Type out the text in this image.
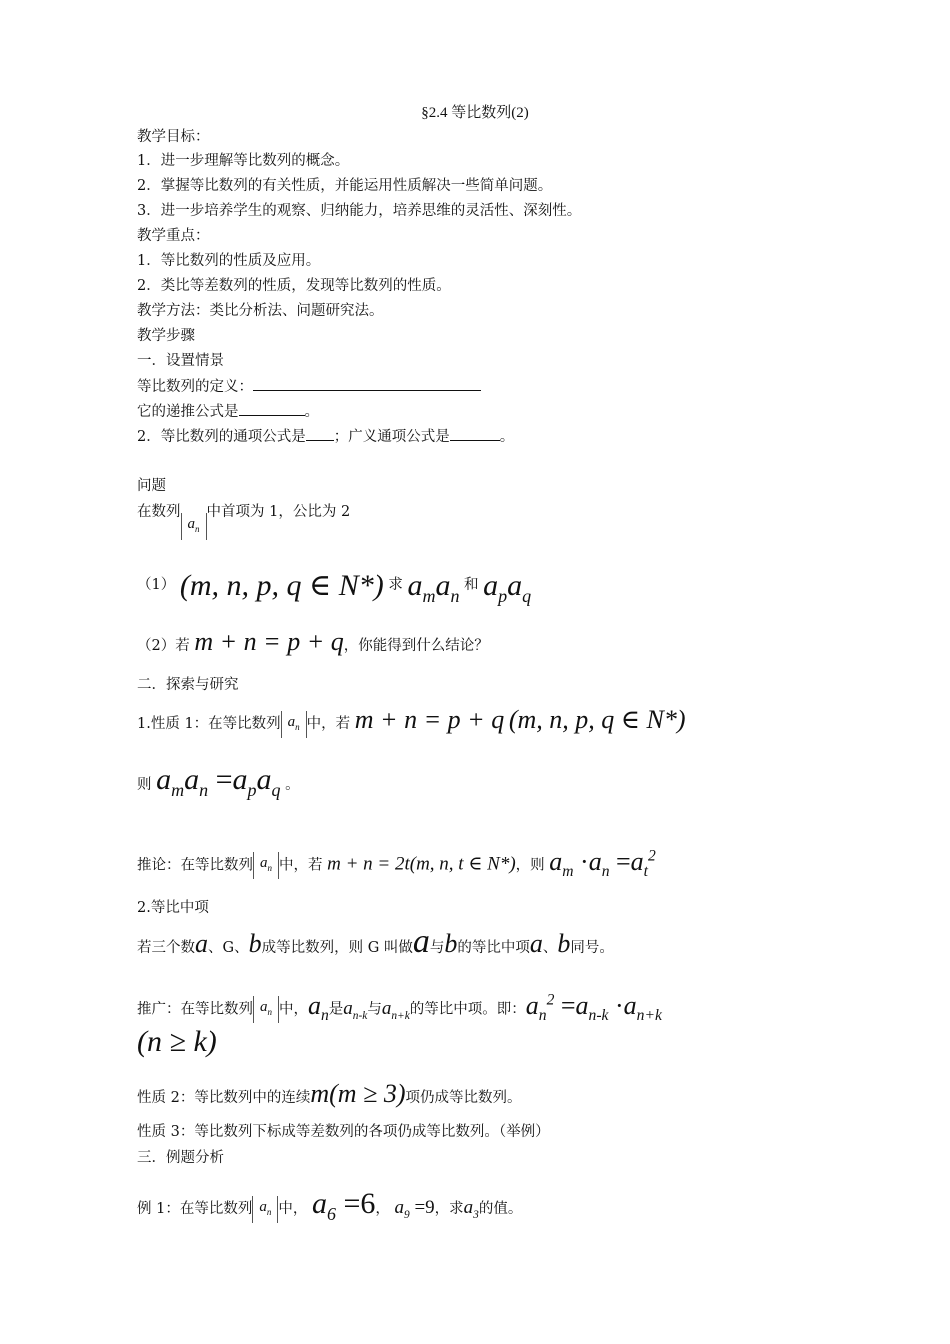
§2.4 等比数列(2)
教学目标：
1．进一步理解等比数列的概念。
2．掌握等比数列的有关性质，并能运用性质解决一些简单问题。
3．进一步培养学生的观察、归纳能力，培养思维的灵活性、深刻性。
教学重点：
1．等比数列的性质及应用。
2．类比等差数列的性质，发现等比数列的性质。
教学方法：类比分析法、问题研究法。
教学步骤
一．设置情景
等比数列的定义：
它的递推公式是	。
2．等比数列的通项公式是 ；广义通项公式是	。
问题
在数列$a_n$中首项为 1，公比为 2
（1） (m, n, p, q ∈ N*) 求 $a_ma_n$ 和 $a_pa_q$
（2）若 m + n = p + q，你能得到什么结论？
二．探索与研究
1.性质 1：在等比数列 $a_n$ 中，若 m + n = p + q (m, n, p, q ∈ N*)
则 $a_ma_n =a_pa_q$ 。
推论：在等比数列 $a_n$ 中，若 m + n = 2t(m, n, t ∈ N*)，则 $a_m \cdot a_n =a_t^2$
2.等比中项
若三个数a、G、b成等比数列，则 G 叫做a与b的等比中项a、b同号。
推广：在等比数列 $a_n$ 中，$a_n$是$a_{n-k}$与$a_{n+k}$的等比中项。即：$a_n^2 =a_{n-k} \cdot a_{n+k}$
(n ≥ k)
性质 2：等比数列中的连续m(m ≥ 3)项仍成等比数列。
性质 3：等比数列下标成等差数列的各项仍成等比数列。（举例）
三．例题分析
例 1：在等比数列 $a_n$ 中， $a_6 =6$， $a_9 =9$，求$a_3$的值。
